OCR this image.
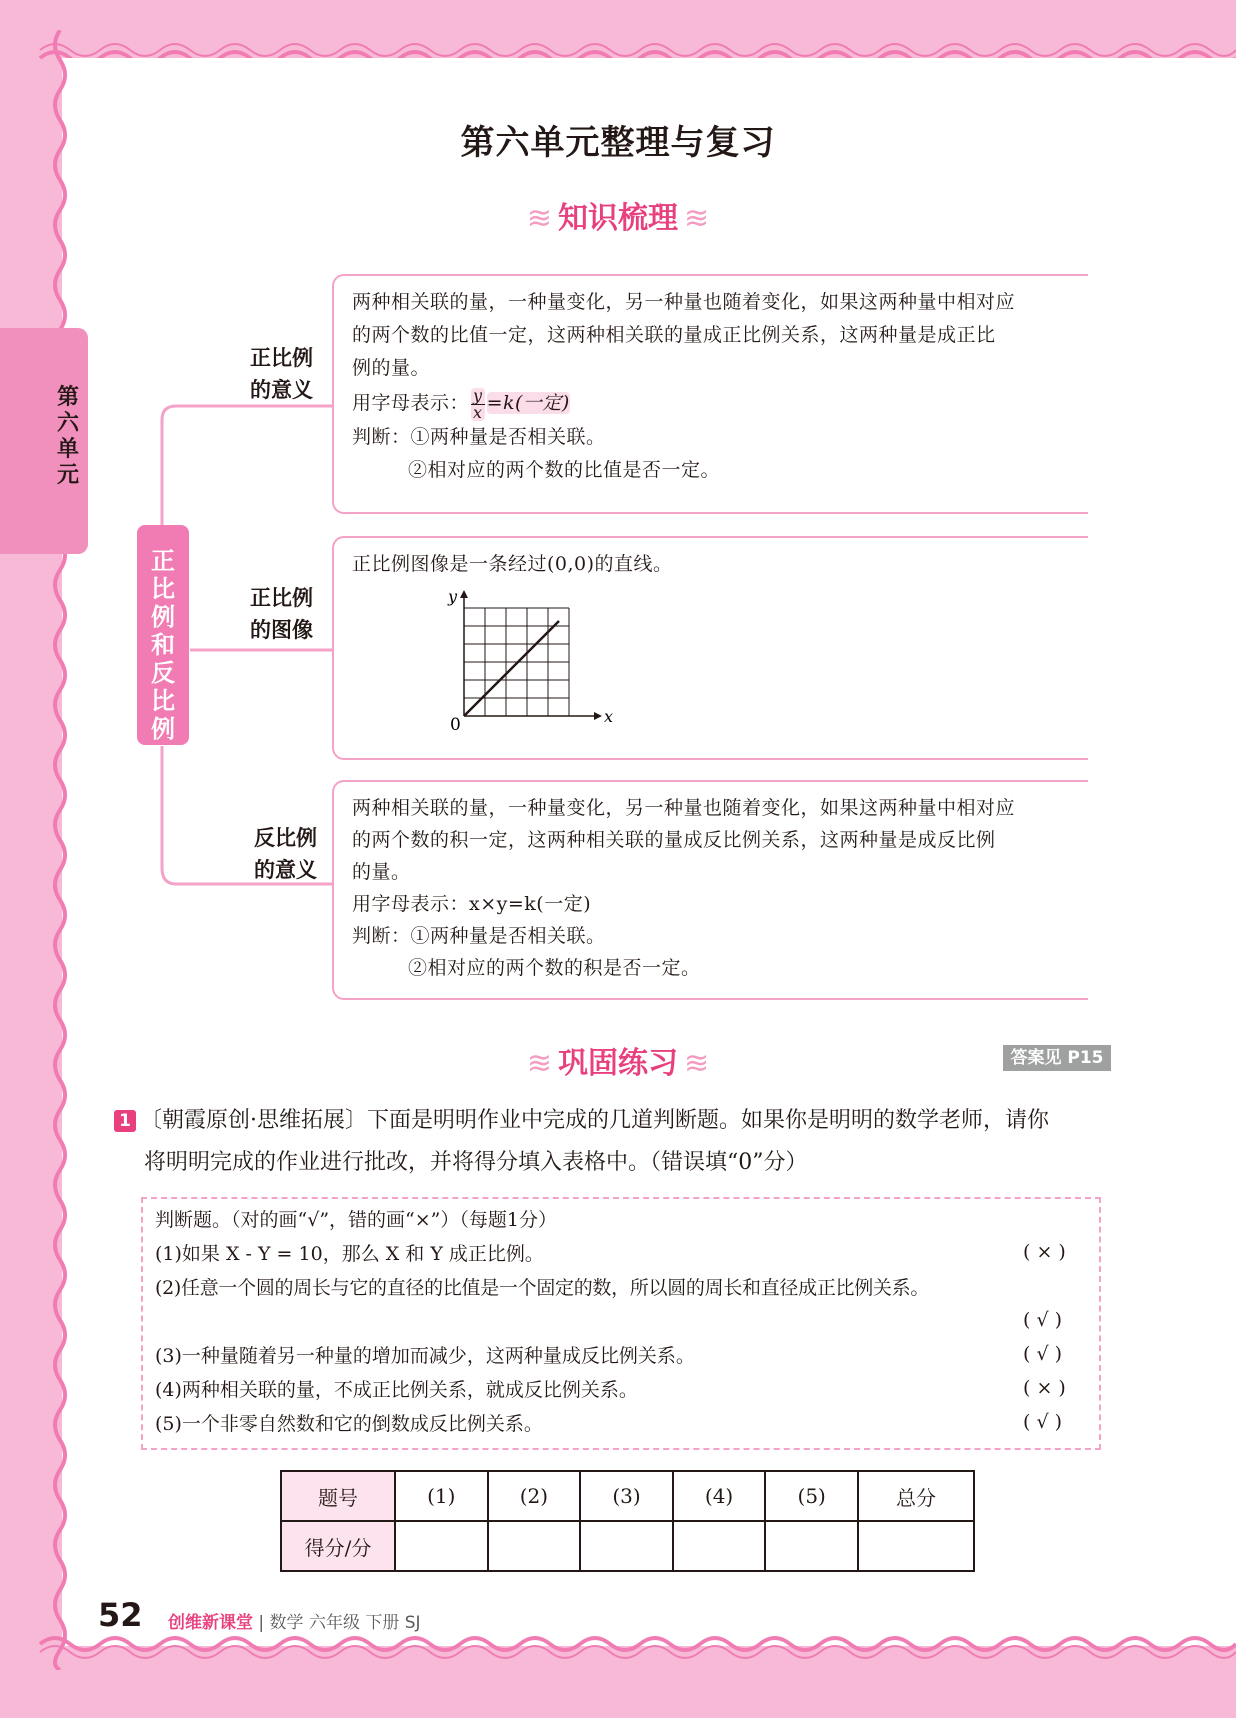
第六单元
第六单元整理与复习
≋ 知识梳理 ≋
正比例和反比例
正比例
的意义
正比例
的图像
反比例
的意义
两种相关联的量，一种量变化，另一种量也随着变化，如果这两种量中相对应
的两个数的比值一定，这两种相关联的量成正比例关系，这两种量是成正比
例的量。
用字母表示： $\frac{y}{x} =k$(一定)
判断：①两种量是否相关联。
②相对应的两个数的比值是否一定。
正比例图像是一条经过(0,0)的直线。
y
x
0
两种相关联的量，一种量变化，另一种量也随着变化，如果这两种量中相对应
的两个数的积一定，这两种相关联的量成反比例关系，这两种量是成反比例
的量。
用字母表示：x×y=k(一定)
判断：①两种量是否相关联。
②相对应的两个数的积是否一定。
≋ 巩固练习 ≋	答案见 P15
1 〔朝霞原创·思维拓展〕下面是明明作业中完成的几道判断题。如果你是明明的数学老师，请你
将明明完成的作业进行批改，并将得分填入表格中。（错误填“0”分）
判断题。（对的画“√”，错的画“×”）（每题1分）
(1)如果 X - Y = 10，那么 X 和 Y 成正比例。	( × )
(2)任意一个圆的周长与它的直径的比值是一个固定的数，所以圆的周长和直径成正比例关系。
( √ )
(3)一种量随着另一种量的增加而减少，这两种量成反比例关系。	( √ )
(4)两种相关联的量，不成正比例关系，就成反比例关系。	( × )
(5)一个非零自然数和它的倒数成反比例关系。	( √ )
题号	(1)	(2)	(3)	(4)	(5)	总分
得分/分						
52 创维新课堂 | 数学 六年级 下册 SJ
